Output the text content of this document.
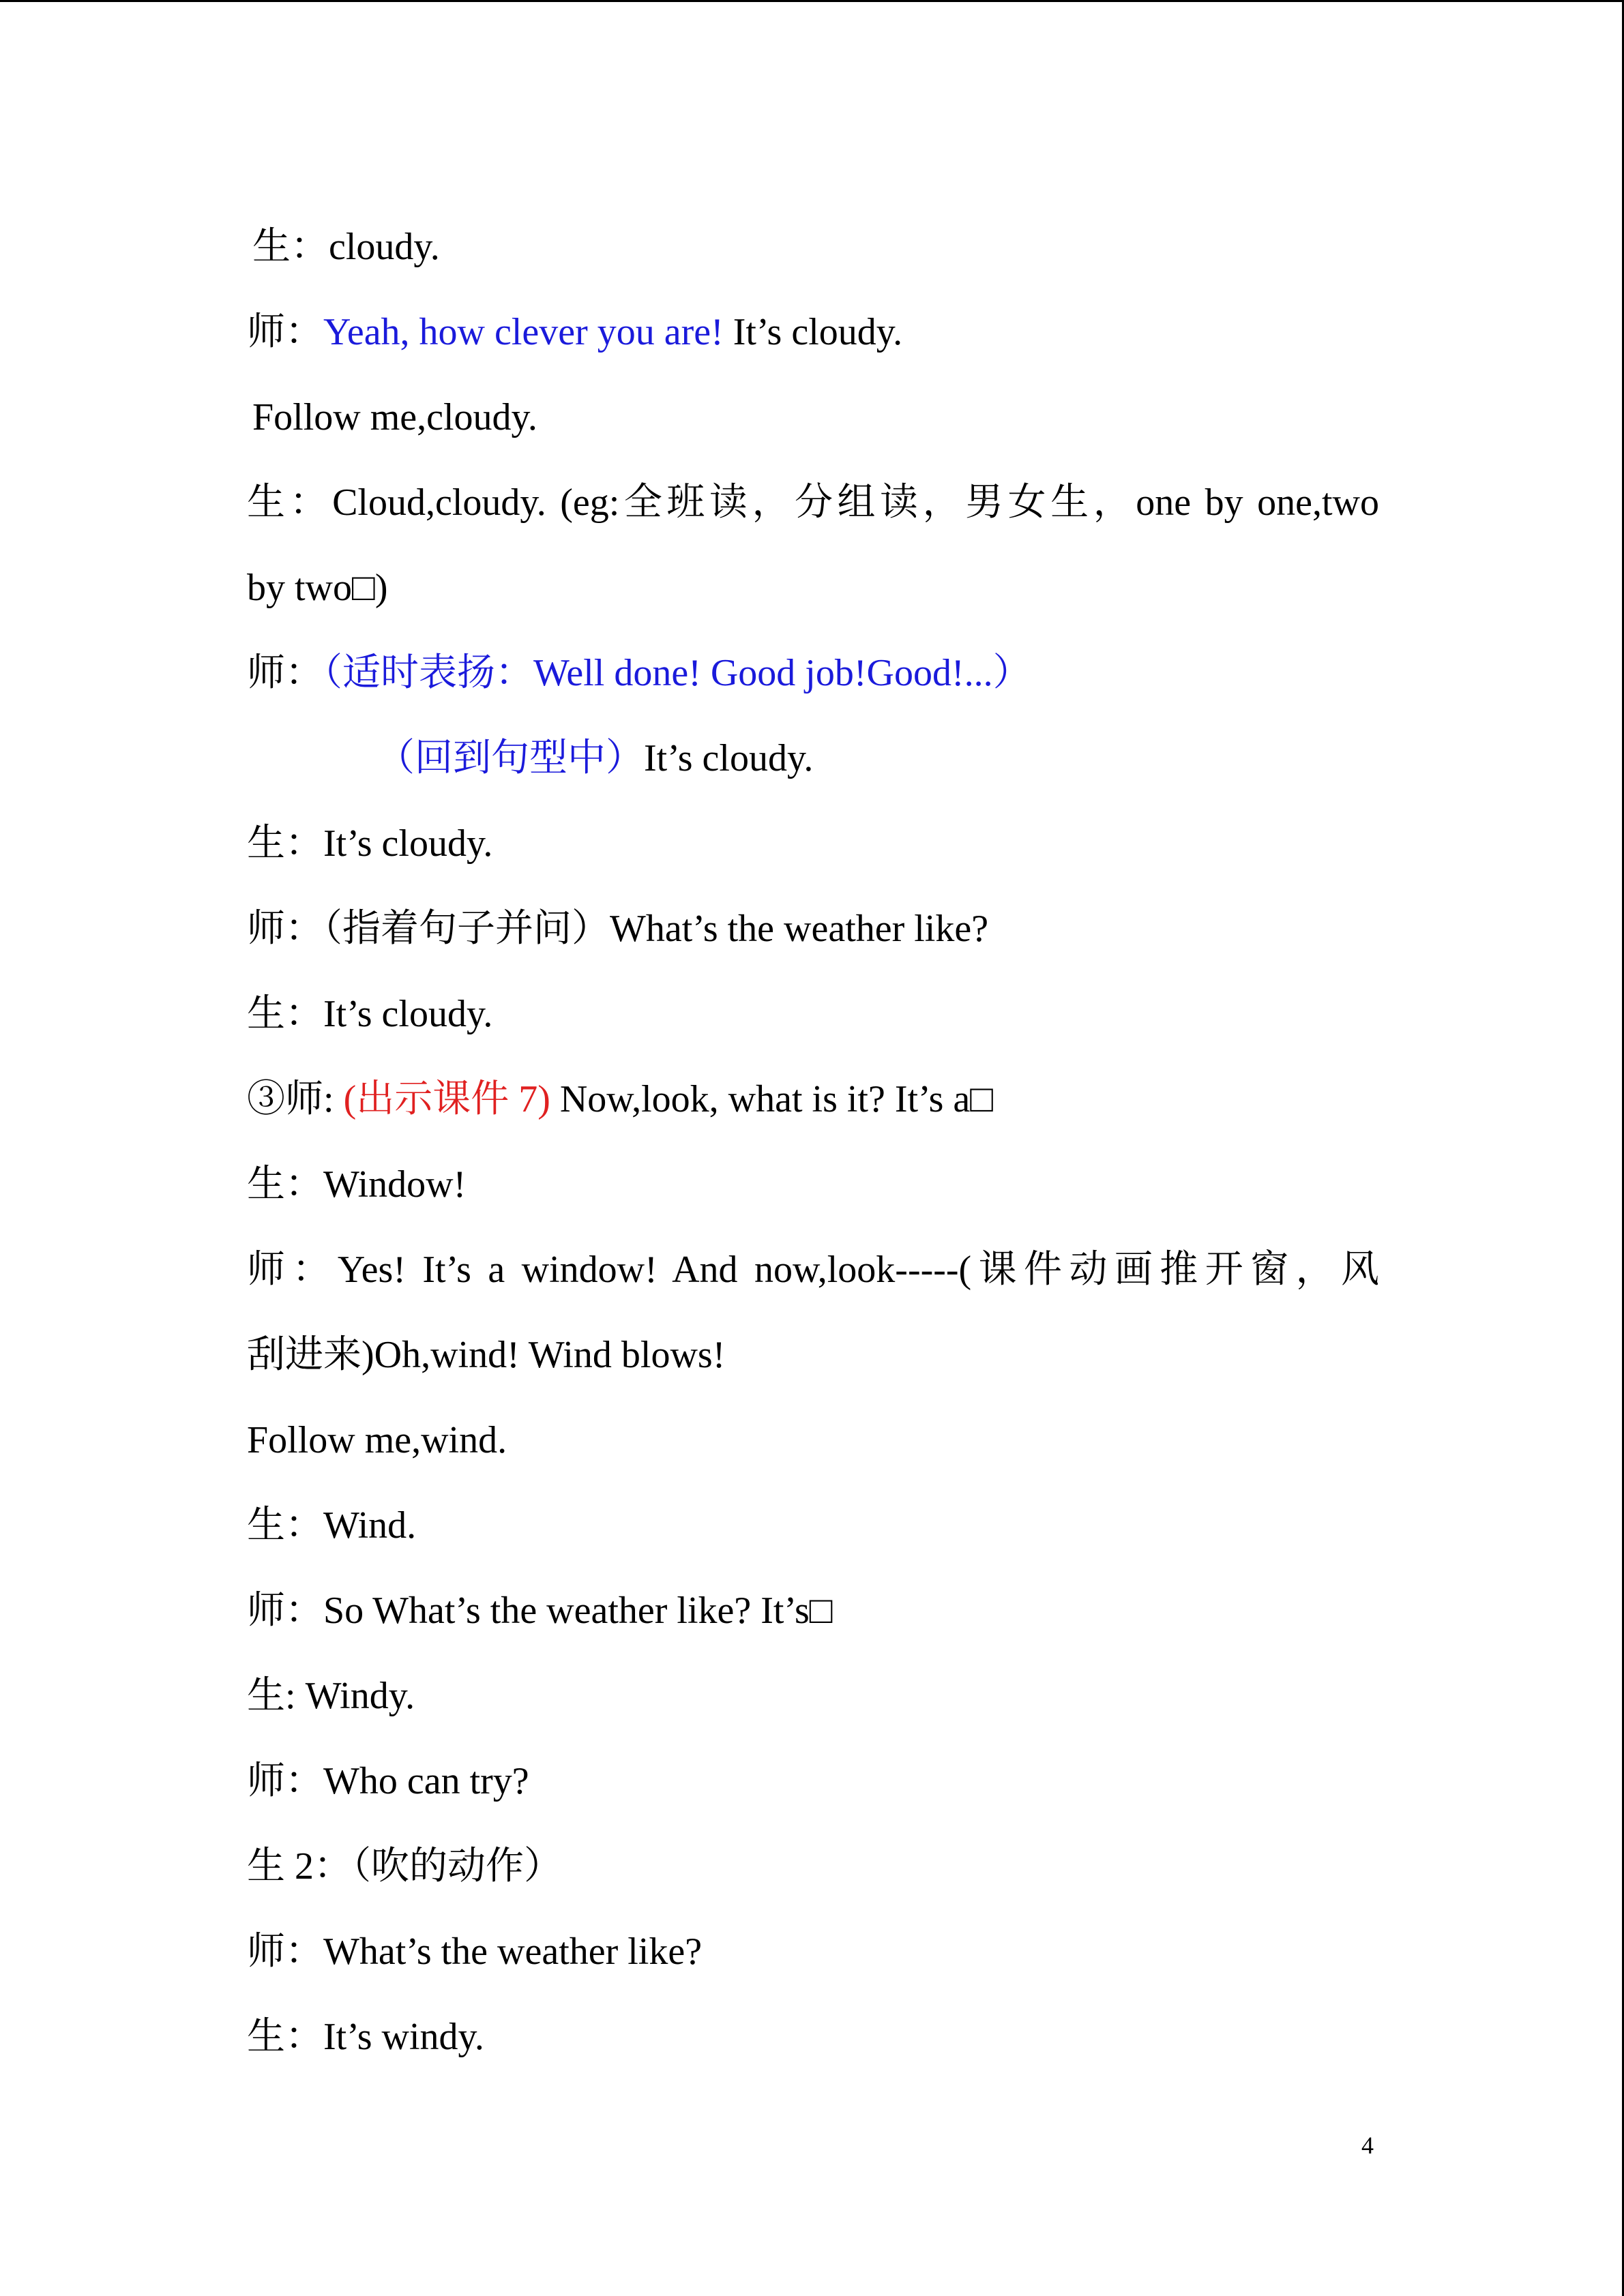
生：cloudy.
师：Yeah, how clever you are! It’s cloudy.
Follow me,cloudy.
生：Cloud,cloudy. (eg:全班读，分组读，男女生，one by one,two
by two□)
师：（适时表扬：Well done! Good job!Good!...）
（回到句型中）It’s cloudy.
生：It’s cloudy.
师：（指着句子并问）What’s the weather like?
生：It’s cloudy.
③师: (出示课件 7) Now,look, what is it? It’s a□
生：Window!
师：Yes! It’s a window! And now,look-----(课件动画推开窗，风
刮进来)Oh,wind! Wind blows!
Follow me,wind.
生：Wind.
师：So What’s the weather like? It’s□
生: Windy.
师：Who can try?
生 2：（吹的动作）
师：What’s the weather like?
生：It’s windy.
4
